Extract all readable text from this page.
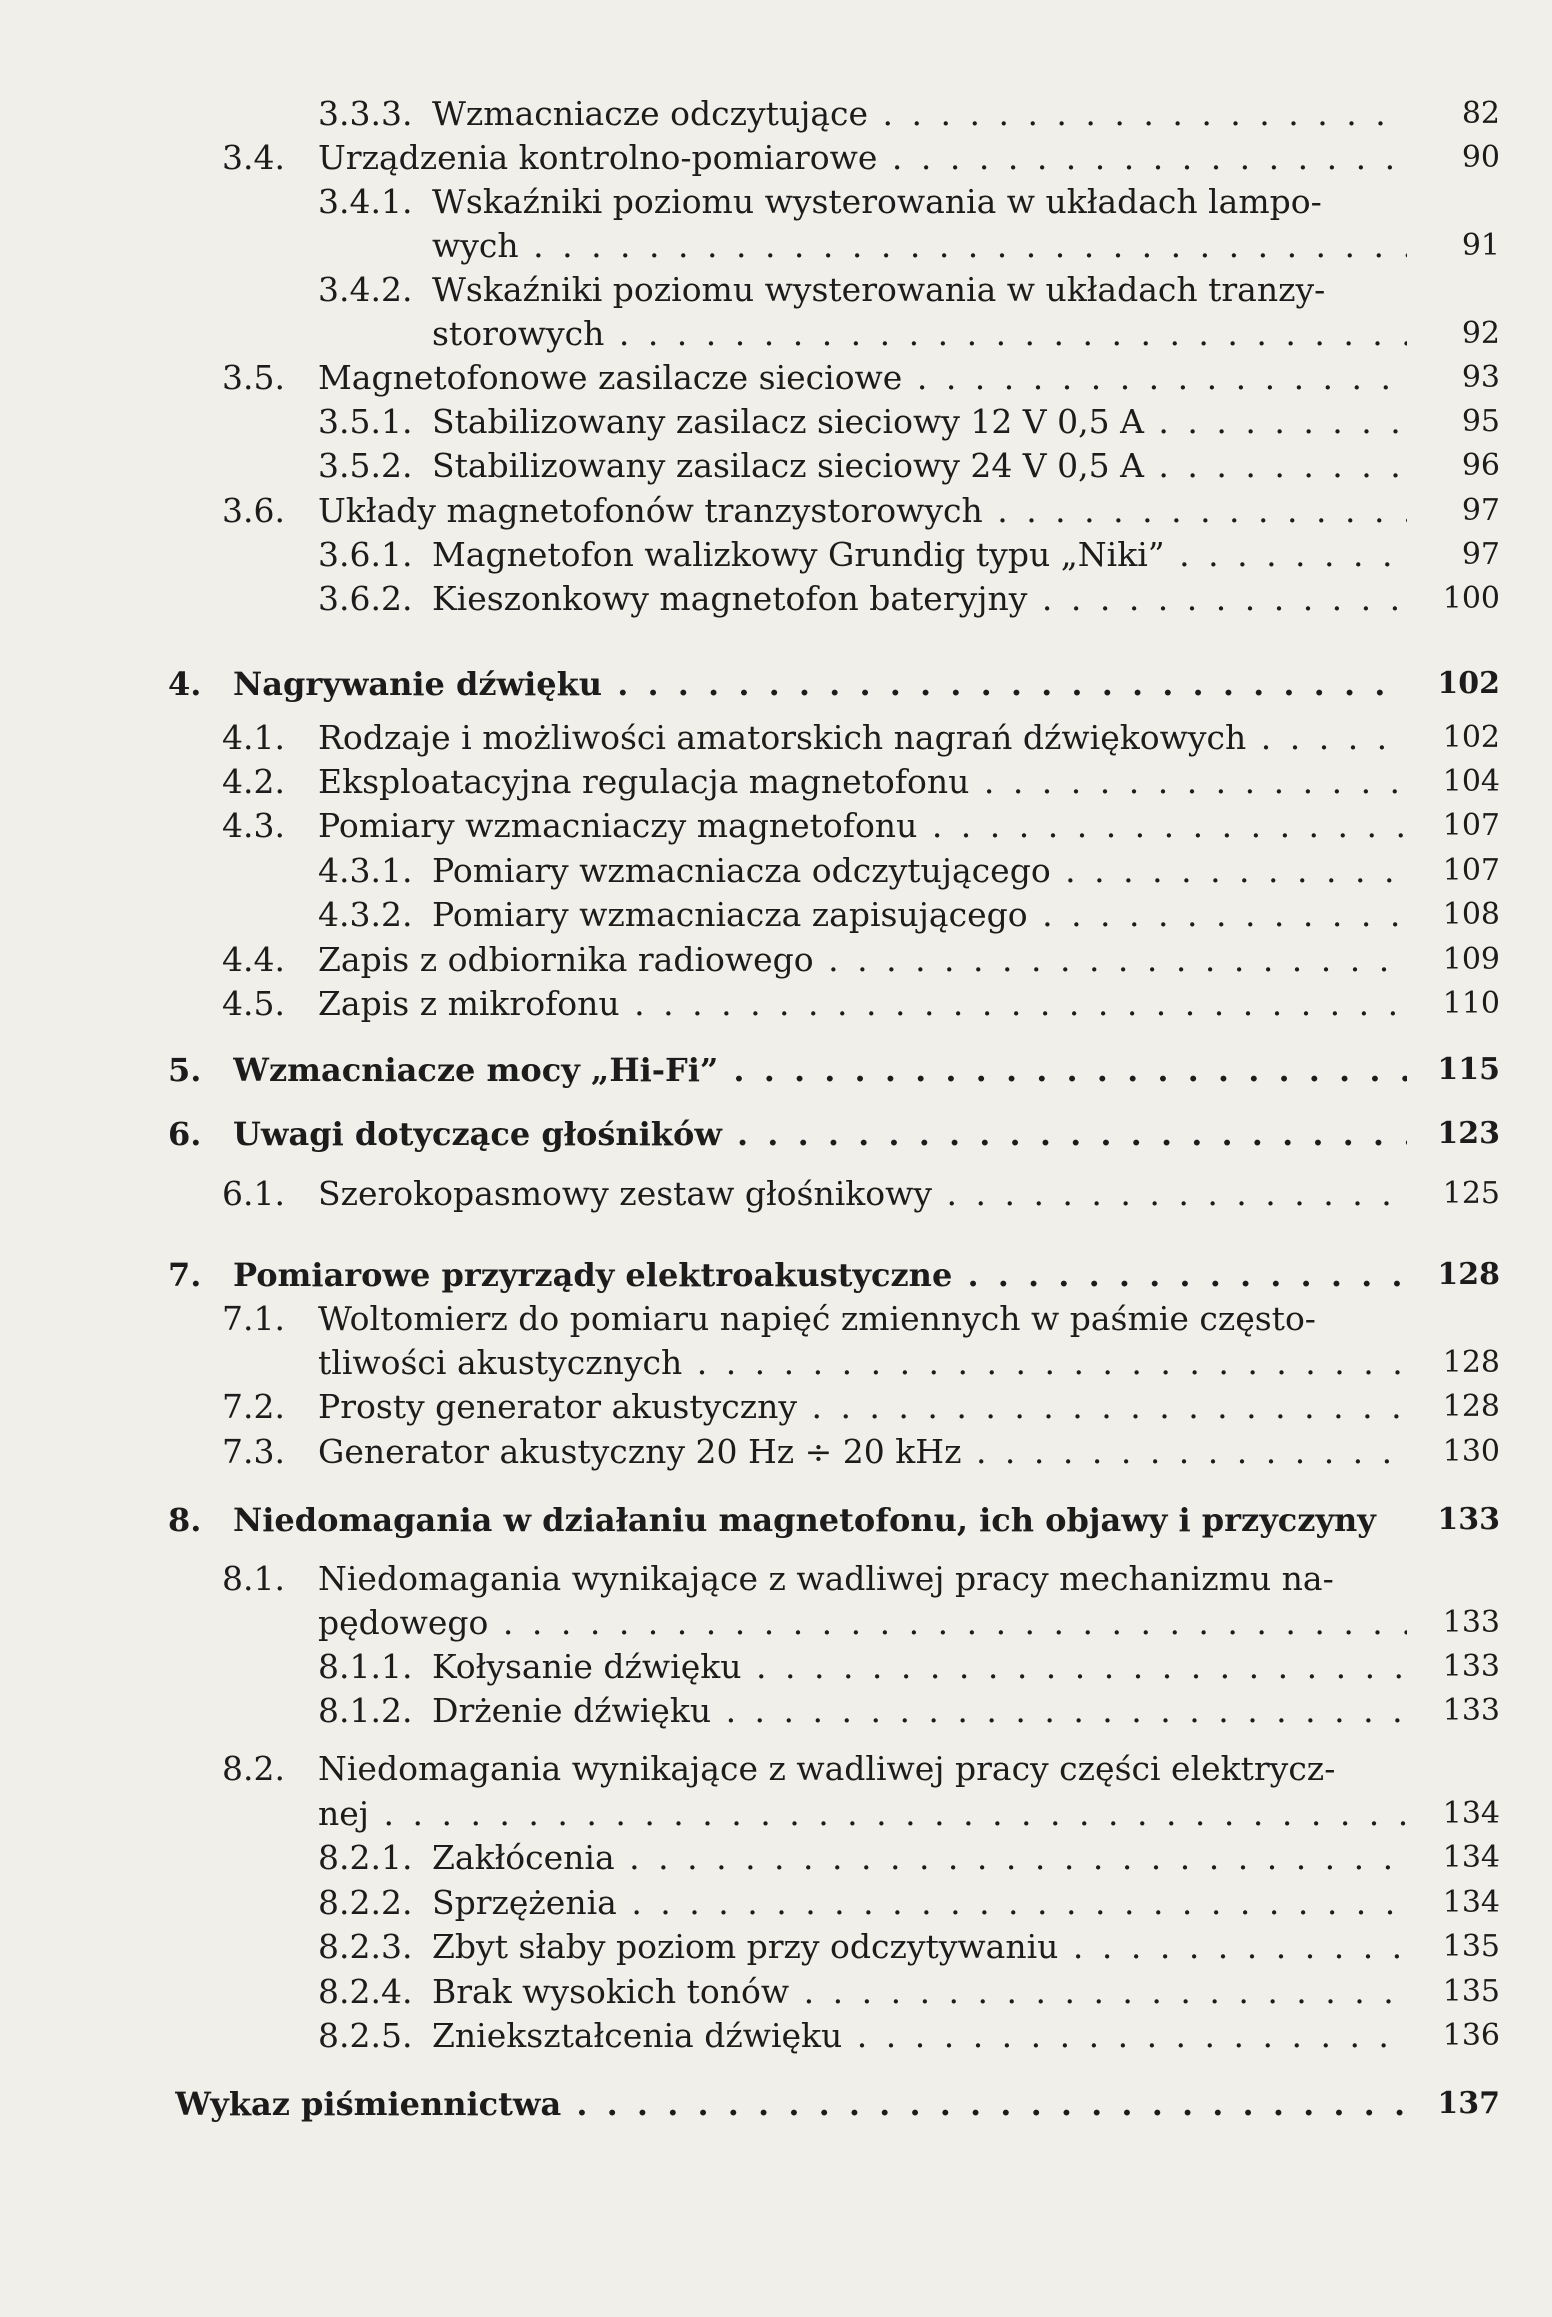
3.3.3. Wzmacniacze odczytujące . . .	82
3.4. Urządzenia kontrolno-pomiarowe . . .	90
3.4.1. Wskaźniki poziomu wysterowania w układach lampo-
wych . . .	91
3.4.2. Wskaźniki poziomu wysterowania w układach tranzy-
storowych . . .	92
3.5. Magnetofonowe zasilacze sieciowe . . .	93
3.5.1. Stabilizowany zasilacz sieciowy 12 V 0,5 A . . .	95
3.5.2. Stabilizowany zasilacz sieciowy 24 V 0,5 A . . .	96
3.6. Układy magnetofonów tranzystorowych . . .	97
3.6.1. Magnetofon walizkowy Grundig typu „Niki” . . .	97
3.6.2. Kieszonkowy magnetofon bateryjny . . .	100
4. Nagrywanie dźwięku . . .	102
4.1. Rodzaje i możliwości amatorskich nagrań dźwiękowych . . .	102
4.2. Eksploatacyjna regulacja magnetofonu . . .	104
4.3. Pomiary wzmacniaczy magnetofonu . . .	107
4.3.1. Pomiary wzmacniacza odczytującego . . .	107
4.3.2. Pomiary wzmacniacza zapisującego . . .	108
4.4. Zapis z odbiornika radiowego . . .	109
4.5. Zapis z mikrofonu . . .	110
5. Wzmacniacze mocy „Hi-Fi” . . .	115
6. Uwagi dotyczące głośników . . .	123
6.1. Szerokopasmowy zestaw głośnikowy . . .	125
7. Pomiarowe przyrządy elektroakustyczne . . .	128
7.1. Woltomierz do pomiaru napięć zmiennych w paśmie często-
tliwości akustycznych . . .	128
7.2. Prosty generator akustyczny . . .	128
7.3. Generator akustyczny 20 Hz ÷ 20 kHz . . .	130
8. Niedomagania w działaniu magnetofonu, ich objawy i przyczyny	133
8.1. Niedomagania wynikające z wadliwej pracy mechanizmu na-
pędowego . . .	133
8.1.1. Kołysanie dźwięku . . .	133
8.1.2. Drżenie dźwięku . . .	133
8.2. Niedomagania wynikające z wadliwej pracy części elektrycz-
nej . . .	134
8.2.1. Zakłócenia . . .	134
8.2.2. Sprzężenia . . .	134
8.2.3. Zbyt słaby poziom przy odczytywaniu . . .	135
8.2.4. Brak wysokich tonów . . .	135
8.2.5. Zniekształcenia dźwięku . . .	136
Wykaz piśmiennictwa . . .	137
